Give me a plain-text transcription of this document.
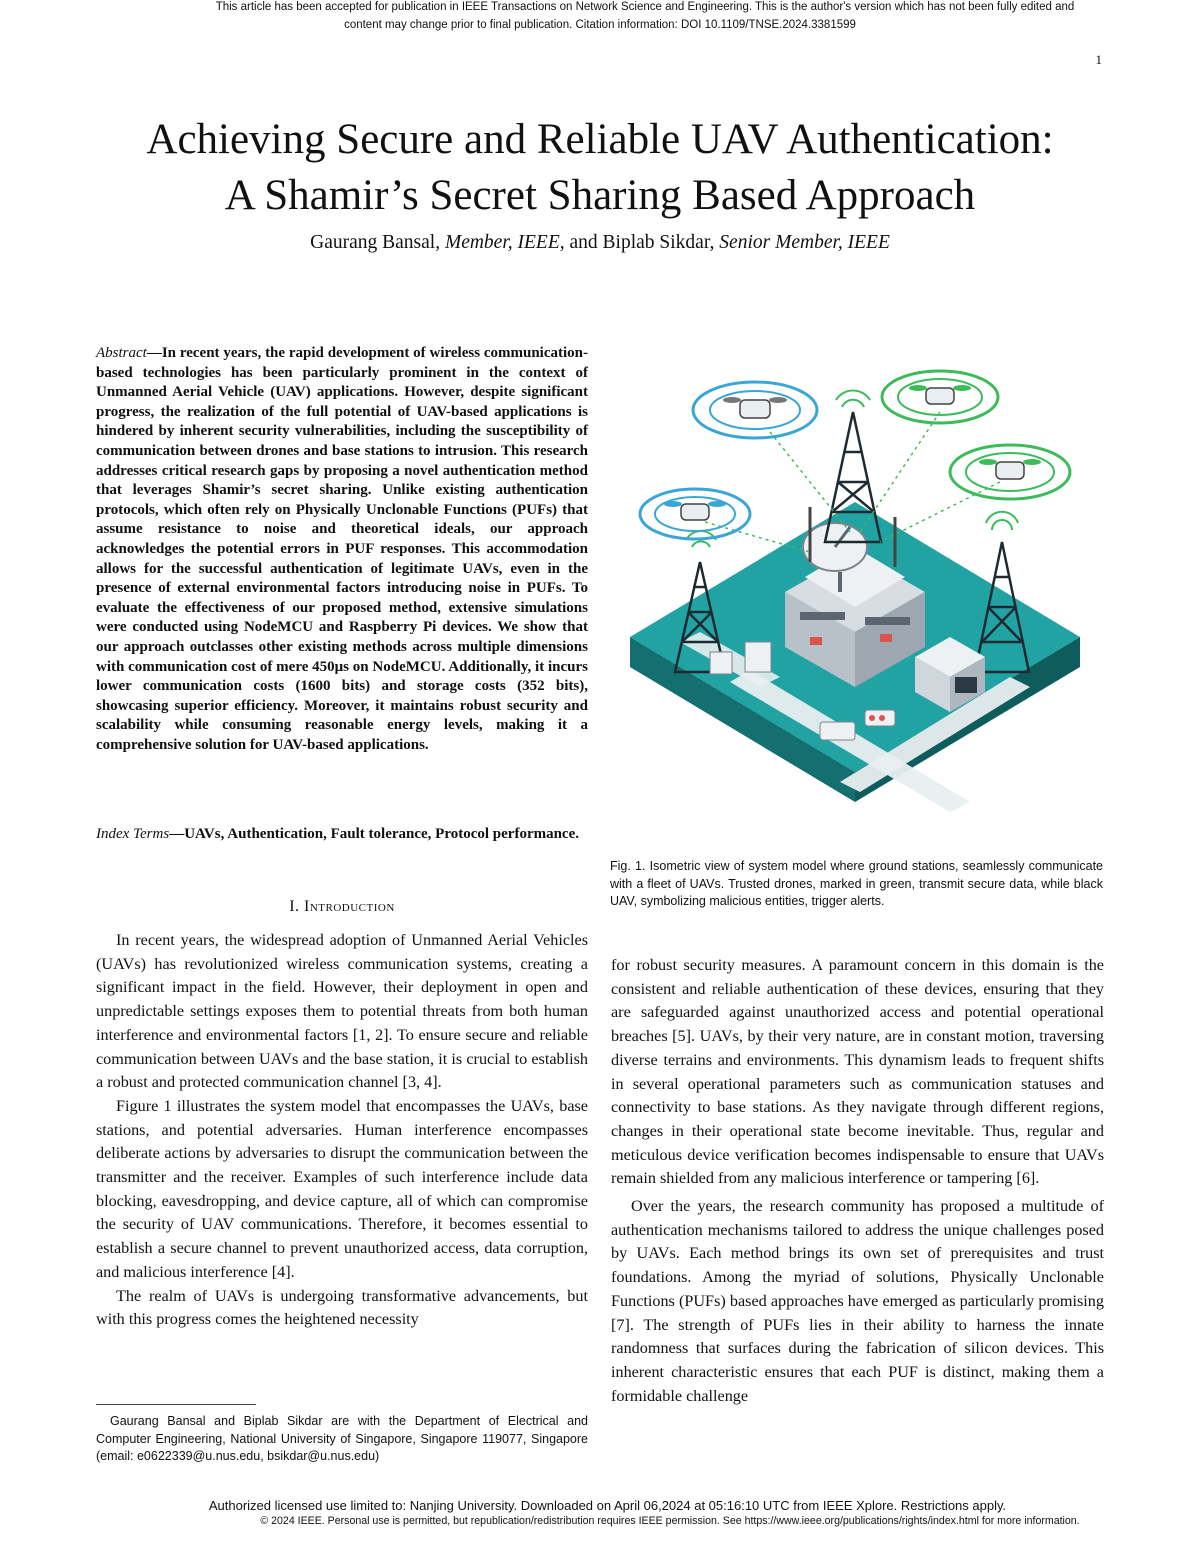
This article has been accepted for publication in IEEE Transactions on Network Science and Engineering. This is the author's version which has not been fully edited and
content may change prior to final publication. Citation information: DOI 10.1109/TNSE.2024.3381599
1
Achieving Secure and Reliable UAV Authentication:
A Shamir’s Secret Sharing Based Approach
Gaurang Bansal, Member, IEEE, and Biplab Sikdar, Senior Member, IEEE
Abstract—In recent years, the rapid development of wireless communication-based technologies has been particularly prominent in the context of Unmanned Aerial Vehicle (UAV) applications. However, despite significant progress, the realization of the full potential of UAV-based applications is hindered by inherent security vulnerabilities, including the susceptibility of communication between drones and base stations to intrusion. This research addresses critical research gaps by proposing a novel authentication method that leverages Shamir’s secret sharing. Unlike existing authentication protocols, which often rely on Physically Unclonable Functions (PUFs) that assume resistance to noise and theoretical ideals, our approach acknowledges the potential errors in PUF responses. This accommodation allows for the successful authentication of legitimate UAVs, even in the presence of external environmental factors introducing noise in PUFs. To evaluate the effectiveness of our proposed method, extensive simulations were conducted using NodeMCU and Raspberry Pi devices. We show that our approach outclasses other existing methods across multiple dimensions with communication cost of mere 450μs on NodeMCU. Additionally, it incurs lower communication costs (1600 bits) and storage costs (352 bits), showcasing superior efficiency. Moreover, it maintains robust security and scalability while consuming reasonable energy levels, making it a comprehensive solution for UAV-based applications.
Index Terms—UAVs, Authentication, Fault tolerance, Protocol performance.
I. Introduction

In recent years, the widespread adoption of Unmanned Aerial Vehicles (UAVs) has revolutionized wireless communication systems, creating a significant impact in the field. However, their deployment in open and unpredictable settings exposes them to potential threats from both human interference and environmental factors [1, 2]. To ensure secure and reliable communication between UAVs and the base station, it is crucial to establish a robust and protected communication channel [3, 4].

Figure 1 illustrates the system model that encompasses the UAVs, base stations, and potential adversaries. Human interference encompasses deliberate actions by adversaries to disrupt the communication between the transmitter and the receiver. Examples of such interference include data blocking, eavesdropping, and device capture, all of which can compromise the security of UAV communications. Therefore, it becomes essential to establish a secure channel to prevent unauthorized access, data corruption, and malicious interference [4].

The realm of UAVs is undergoing transformative advancements, but with this progress comes the heightened necessity

for robust security measures. A paramount concern in this domain is the consistent and reliable authentication of these devices, ensuring that they are safeguarded against unauthorized access and potential operational breaches [5]. UAVs, by their very nature, are in constant motion, traversing diverse terrains and environments. This dynamism leads to frequent shifts in several operational parameters such as communication statuses and connectivity to base stations. As they navigate through different regions, changes in their operational state become inevitable. Thus, regular and meticulous device verification becomes indispensable to ensure that UAVs remain shielded from any malicious interference or tampering [6].

Over the years, the research community has proposed a multitude of authentication mechanisms tailored to address the unique challenges posed by UAVs. Each method brings its own set of prerequisites and trust foundations. Among the myriad of solutions, Physically Unclonable Functions (PUFs) based approaches have emerged as particularly promising [7]. The strength of PUFs lies in their ability to harness the innate randomness that surfaces during the fabrication of silicon devices. This inherent characteristic ensures that each PUF is distinct, making them a formidable challenge

Fig. 1. Isometric view of system model where ground stations, seamlessly communicate with a fleet of UAVs. Trusted drones, marked in green, transmit secure data, while black UAV, symbolizing malicious entities, trigger alerts.
Gaurang Bansal and Biplab Sikdar are with the Department of Electrical and Computer Engineering, National University of Singapore, Singapore 119077, Singapore (email: e0622339@u.nus.edu, bsikdar@u.nus.edu)
Authorized licensed use limited to: Nanjing University. Downloaded on April 06,2024 at 05:16:10 UTC from IEEE Xplore. Restrictions apply.
© 2024 IEEE. Personal use is permitted, but republication/redistribution requires IEEE permission. See https://www.ieee.org/publications/rights/index.html for more information.
